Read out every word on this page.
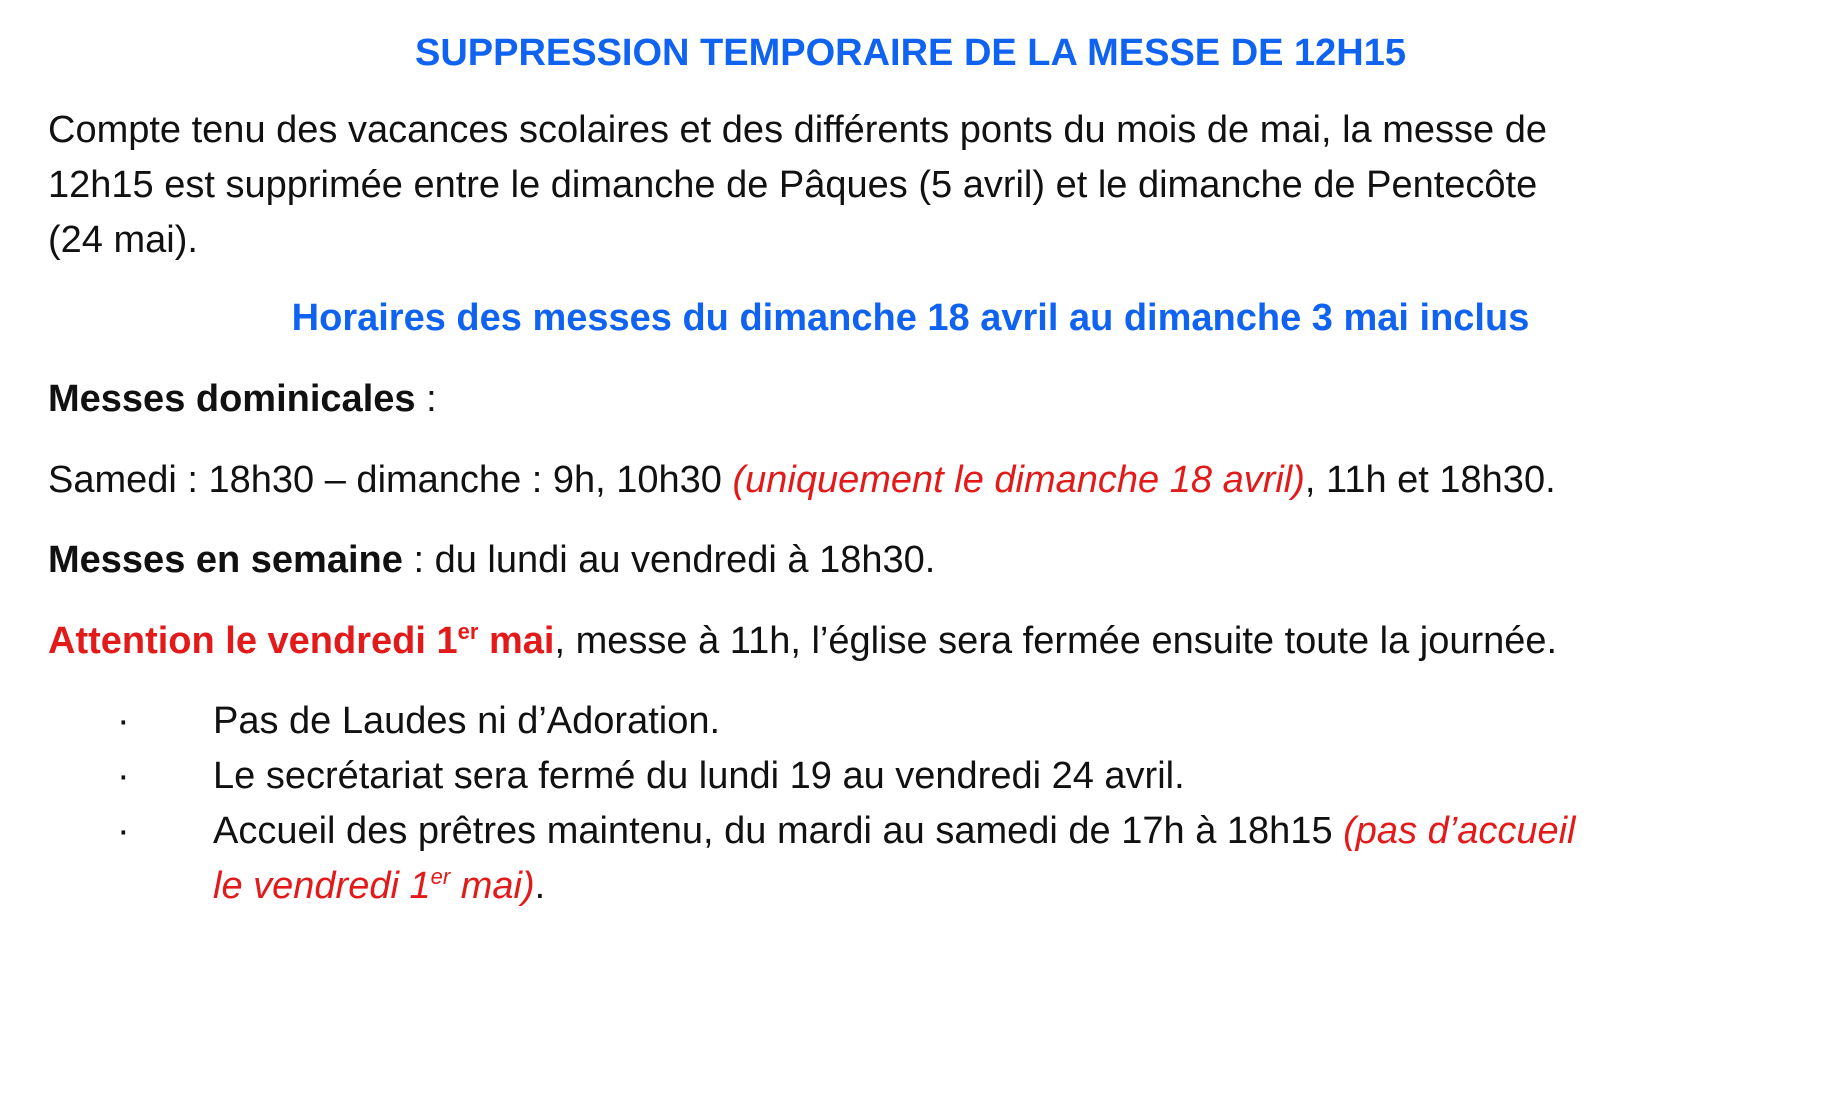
SUPPRESSION TEMPORAIRE DE LA MESSE DE 12H15
Compte tenu des vacances scolaires et des différents ponts du mois de mai, la messe de
12h15 est supprimée entre le dimanche de Pâques (5 avril) et le dimanche de Pentecôte
(24 mai).
Horaires des messes du dimanche 18 avril au dimanche 3 mai inclus
Messes dominicales :
Samedi : 18h30 – dimanche : 9h, 10h30 (uniquement le dimanche 18 avril), 11h et 18h30.
Messes en semaine : du lundi au vendredi à 18h30.
Attention le vendredi 1er mai, messe à 11h, l’église sera fermée ensuite toute la journée.
· Pas de Laudes ni d’Adoration.
· Le secrétariat sera fermé du lundi 19 au vendredi 24 avril.
· Accueil des prêtres maintenu, du mardi au samedi de 17h à 18h15 (pas d’accueil
le vendredi 1er mai).
